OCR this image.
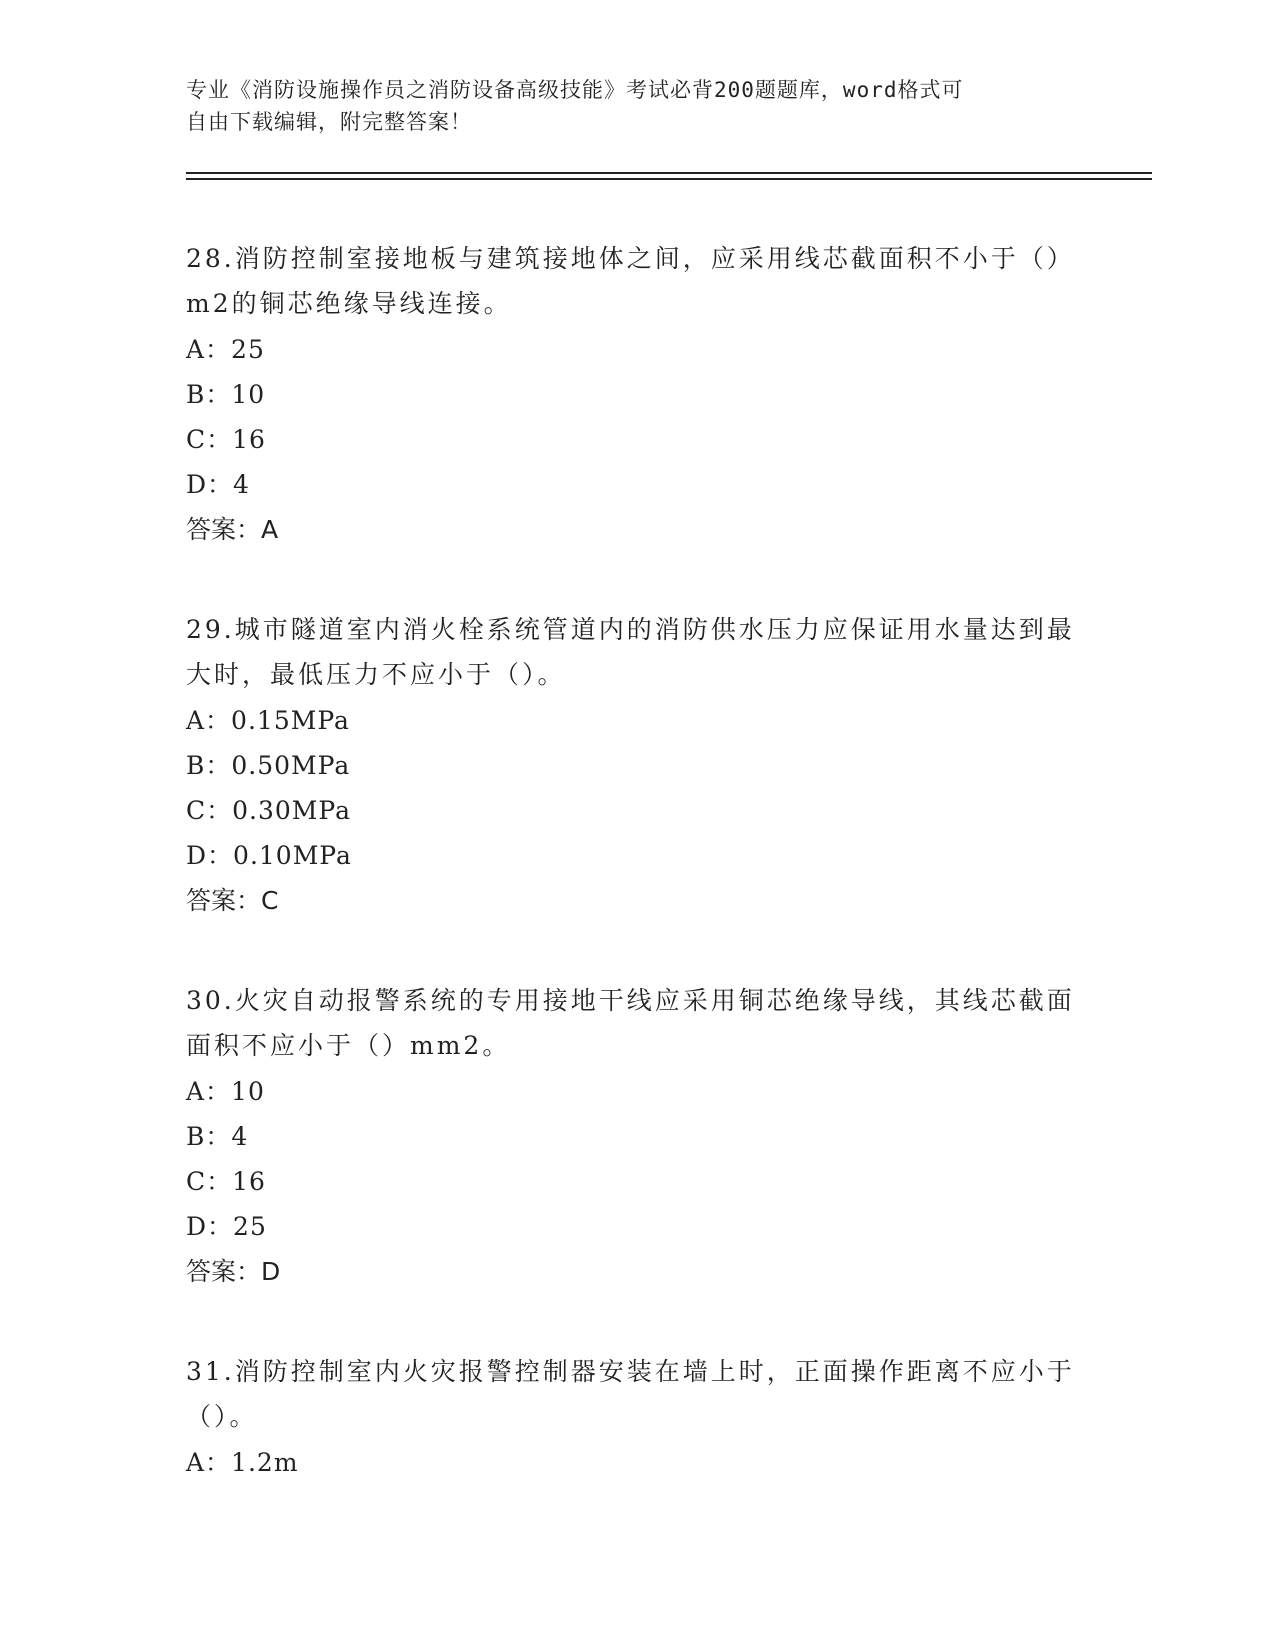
专业《消防设施操作员之消防设备高级技能》考试必背200题题库，word格式可
自由下载编辑，附完整答案！
28.消防控制室接地板与建筑接地体之间，应采用线芯截面积不小于（）m2的铜芯绝缘导线连接。
A：25
B：10
C：16
D：4
答案：A
29.城市隧道室内消火栓系统管道内的消防供水压力应保证用水量达到最大时，最低压力不应小于（）。
A：0.15MPa
B：0.50MPa
C：0.30MPa
D：0.10MPa
答案：C
30.火灾自动报警系统的专用接地干线应采用铜芯绝缘导线，其线芯截面面积不应小于（）mm2。
A：10
B：4
C：16
D：25
答案：D
31.消防控制室内火灾报警控制器安装在墙上时，正面操作距离不应小于（）。
A：1.2m
